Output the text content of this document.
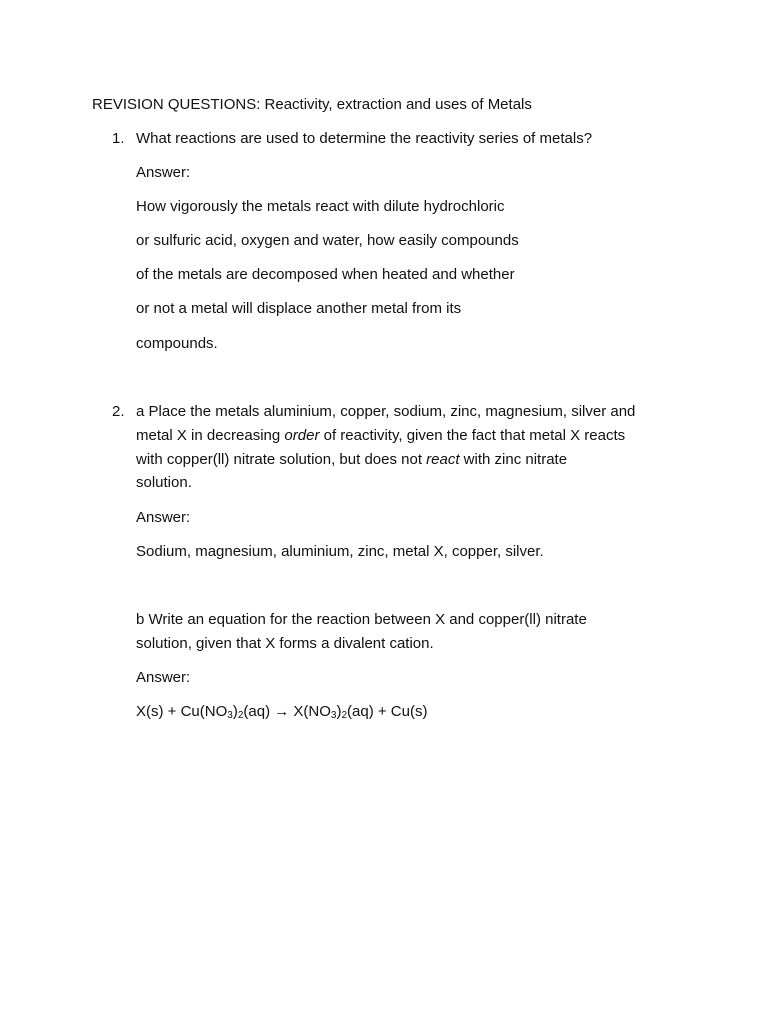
REVISION QUESTIONS: Reactivity, extraction and uses of Metals
1. What reactions are used to determine the reactivity series of metals?
Answer:
How vigorously the metals react with dilute hydrochloric
or sulfuric acid, oxygen and water, how easily compounds
of the metals are decomposed when heated and whether
or not a metal will displace another metal from its
compounds.
2. a Place the metals aluminium, copper, sodium, zinc, magnesium, silver and
metal X in decreasing order of reactivity, given the fact that metal X reacts
with copper(ll) nitrate solution, but does not react with zinc nitrate
solution.
Answer:
Sodium, magnesium, aluminium, zinc, metal X, copper, silver.
b Write an equation for the reaction between X and copper(ll) nitrate
solution, given that X forms a divalent cation.
Answer:
$X(s) + Cu(NO_3)_2(aq) \to X(NO_3)_2(aq) + Cu(s)$
